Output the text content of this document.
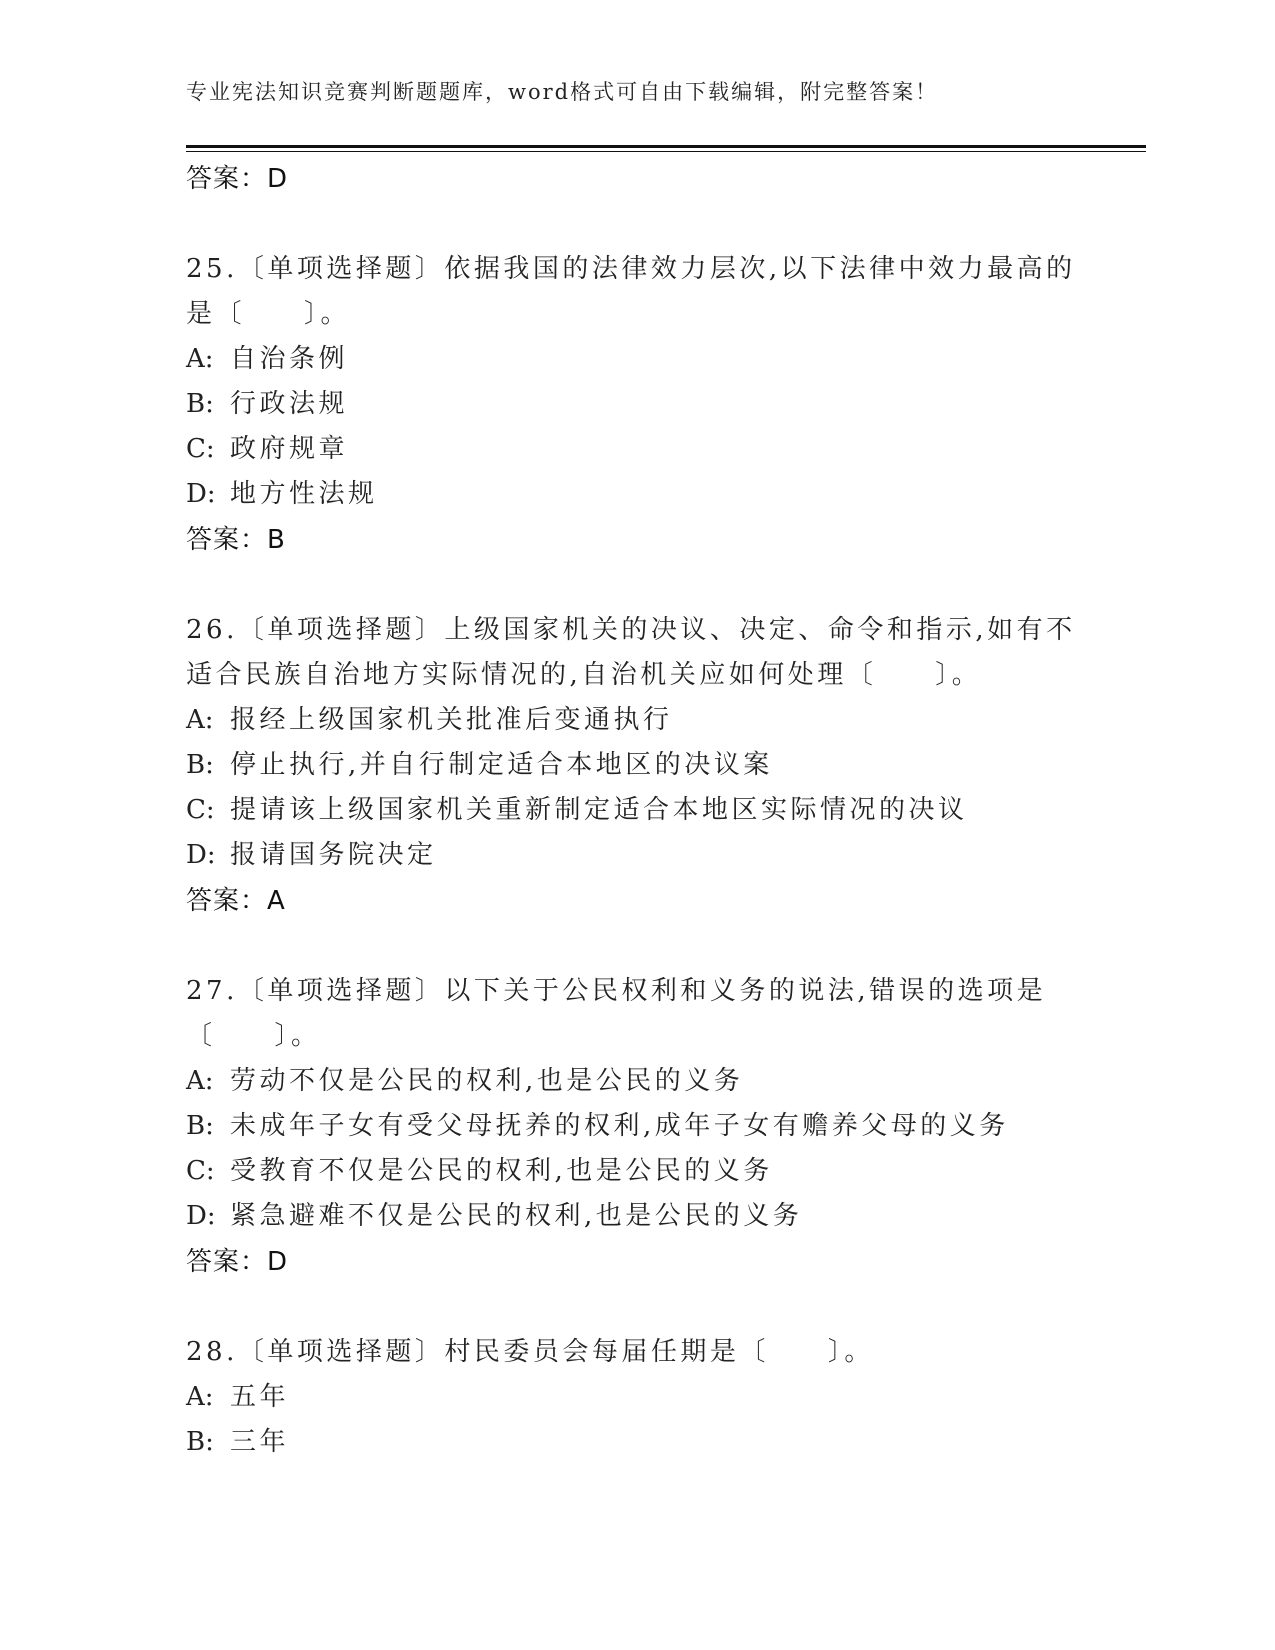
专业宪法知识竞赛判断题题库，word格式可自由下载编辑，附完整答案！
答案：D
25.〔单项选择题〕依据我国的法律效力层次,以下法律中效力最高的是〔　　〕。
A: 自治条例
B: 行政法规
C: 政府规章
D: 地方性法规
答案：B
26.〔单项选择题〕上级国家机关的决议、决定、命令和指示,如有不适合民族自治地方实际情况的,自治机关应如何处理〔　　〕。
A: 报经上级国家机关批准后变通执行
B: 停止执行,并自行制定适合本地区的决议案
C: 提请该上级国家机关重新制定适合本地区实际情况的决议
D: 报请国务院决定
答案：A
27.〔单项选择题〕以下关于公民权利和义务的说法,错误的选项是〔　　〕。
A: 劳动不仅是公民的权利,也是公民的义务
B: 未成年子女有受父母抚养的权利,成年子女有赡养父母的义务
C: 受教育不仅是公民的权利,也是公民的义务
D: 紧急避难不仅是公民的权利,也是公民的义务
答案：D
28.〔单项选择题〕村民委员会每届任期是〔　　〕。
A: 五年
B: 三年
